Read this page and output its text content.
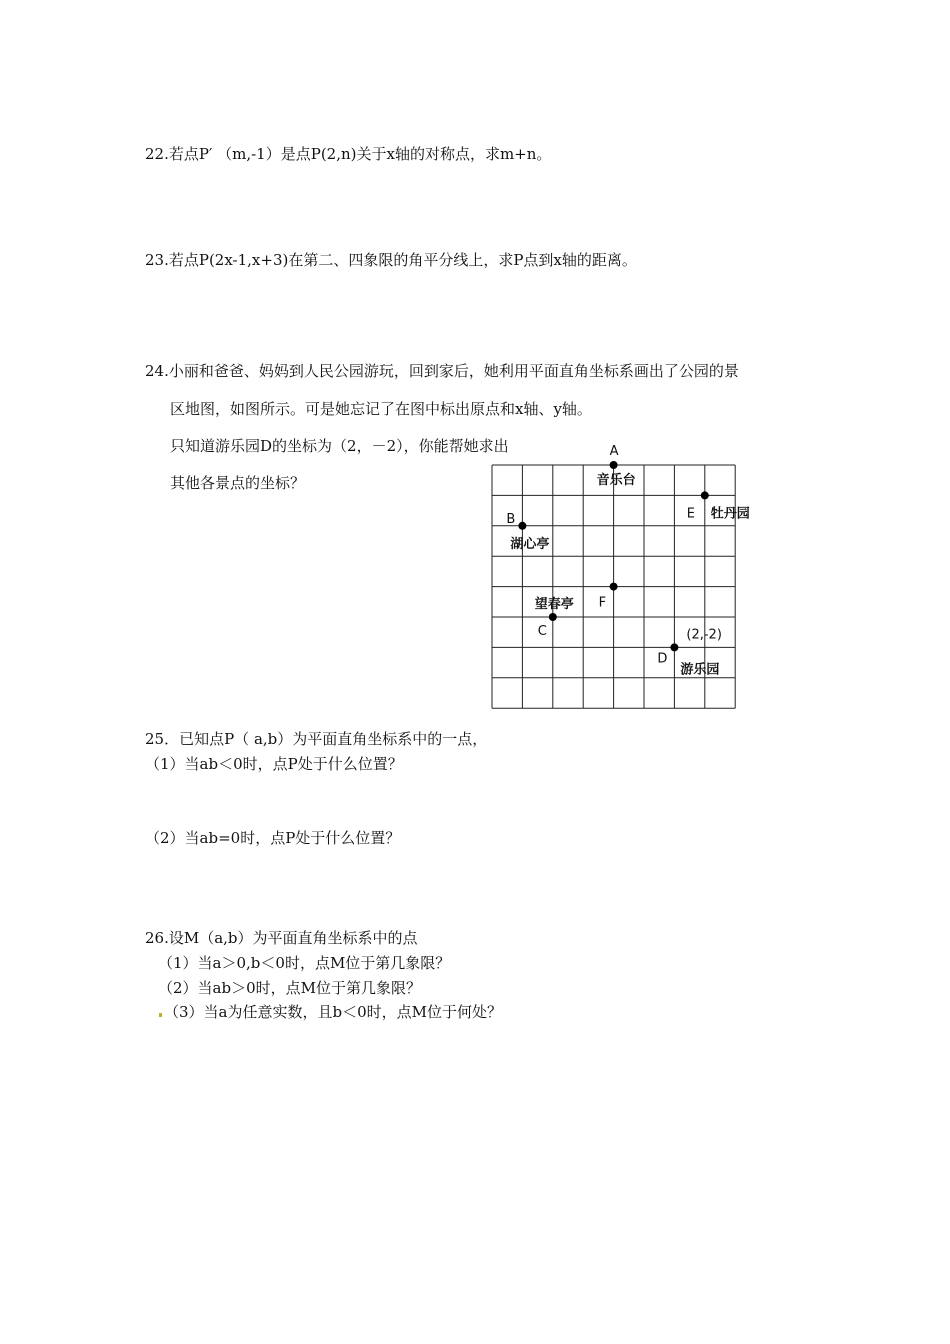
22.若点P′ （m,-1）是点P(2,n)关于x轴的对称点，求m+n。
23.若点P(2x-1,x+3)在第二、四象限的角平分线上，求P点到x轴的距离。
24.小丽和爸爸、妈妈到人民公园游玩，回到家后，她利用平面直角坐标系画出了公园的景
区地图，如图所示。可是她忘记了在图中标出原点和x轴、y轴。
只知道游乐园D的坐标为（2，－2），你能帮她求出
其他各景点的坐标？
A
音乐台
E 牡丹园
B
湖心亭
F
C
望春亭
D
游乐园
(2,-2)
25．已知点P（ a,b）为平面直角坐标系中的一点，
（1）当ab＜0时，点P处于什么位置？
（2）当ab=0时，点P处于什么位置？
26.设M（a,b）为平面直角坐标系中的点
（1）当a＞0,b＜0时，点M位于第几象限？
（2）当ab＞0时，点M位于第几象限？
（3）当a为任意实数，且b＜0时，点M位于何处？
